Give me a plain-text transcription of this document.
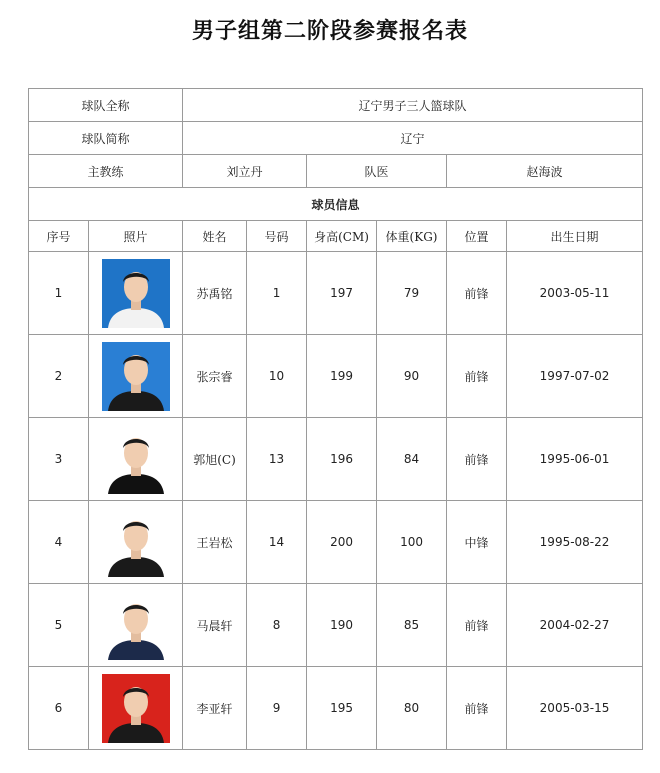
男子组第二阶段参赛报名表
球队全称		辽宁男子三人篮球队					
球队简称		辽宁					
主教练		刘立丹		队医		赵海波	
球员信息							
序号	照片	姓名	号码	身高(CM)	体重(KG)	位置	出生日期
1		苏禹铭	1	197	79	前锋	2003-05-11
2		张宗睿	10	199	90	前锋	1997-07-02
3		郭旭(C)	13	196	84	前锋	1995-06-01
4		王岩松	14	200	100	中锋	1995-08-22
5		马晨轩	8	190	85	前锋	2004-02-27
6		李亚轩	9	195	80	前锋	2005-03-15
